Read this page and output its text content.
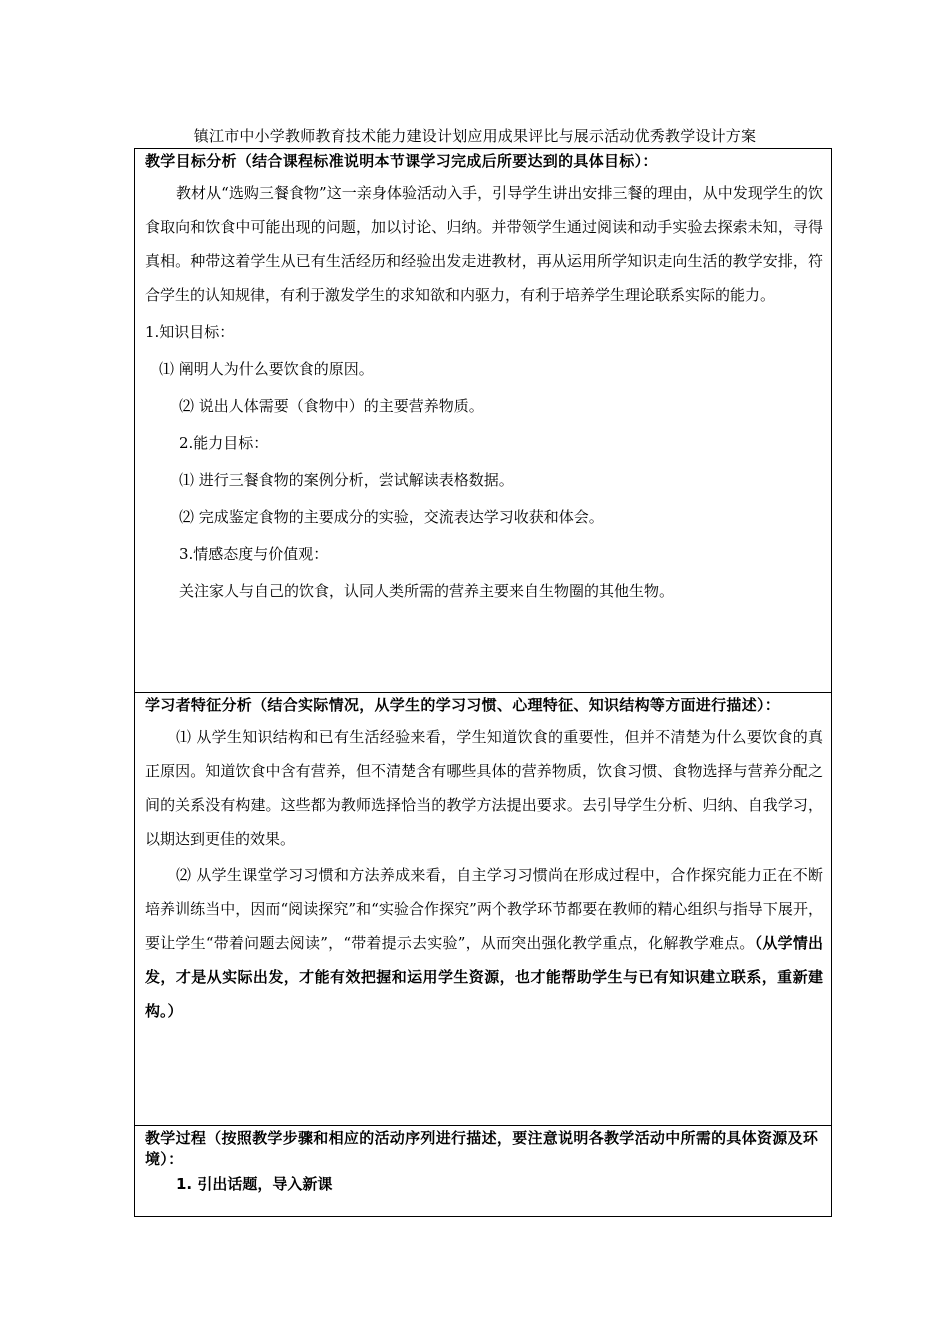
镇江市中小学教师教育技术能力建设计划应用成果评比与展示活动优秀教学设计方案
教学目标分析（结合课程标准说明本节课学习完成后所要达到的具体目标）：
教材从“选购三餐食物”这一亲身体验活动入手，引导学生讲出安排三餐的理由，从中发现学生的饮食取向和饮食中可能出现的问题，加以讨论、归纳。并带领学生通过阅读和动手实验去探索未知，寻得真相。种带这着学生从已有生活经历和经验出发走进教材，再从运用所学知识走向生活的教学安排，符合学生的认知规律，有利于激发学生的求知欲和内驱力，有利于培养学生理论联系实际的能力。
1.知识目标：
⑴ 阐明人为什么要饮食的原因。
⑵ 说出人体需要（食物中）的主要营养物质。
2.能力目标：
⑴ 进行三餐食物的案例分析，尝试解读表格数据。
⑵ 完成鉴定食物的主要成分的实验，交流表达学习收获和体会。
3.情感态度与价值观：
关注家人与自己的饮食，认同人类所需的营养主要来自生物圈的其他生物。
学习者特征分析（结合实际情况，从学生的学习习惯、心理特征、知识结构等方面进行描述）：
⑴ 从学生知识结构和已有生活经验来看，学生知道饮食的重要性，但并不清楚为什么要饮食的真正原因。知道饮食中含有营养，但不清楚含有哪些具体的营养物质，饮食习惯、食物选择与营养分配之间的关系没有构建。这些都为教师选择恰当的教学方法提出要求。去引导学生分析、归纳、自我学习，以期达到更佳的效果。
⑵ 从学生课堂学习习惯和方法养成来看，自主学习习惯尚在形成过程中，合作探究能力正在不断培养训练当中，因而“阅读探究”和“实验合作探究”两个教学环节都要在教师的精心组织与指导下展开，要让学生“带着问题去阅读”，“带着提示去实验”，从而突出强化教学重点，化解教学难点。（从学情出发，才是从实际出发，才能有效把握和运用学生资源，也才能帮助学生与已有知识建立联系，重新建构。）
教学过程（按照教学步骤和相应的活动序列进行描述，要注意说明各教学活动中所需的具体资源及环境）：
1. 引出话题，导入新课
